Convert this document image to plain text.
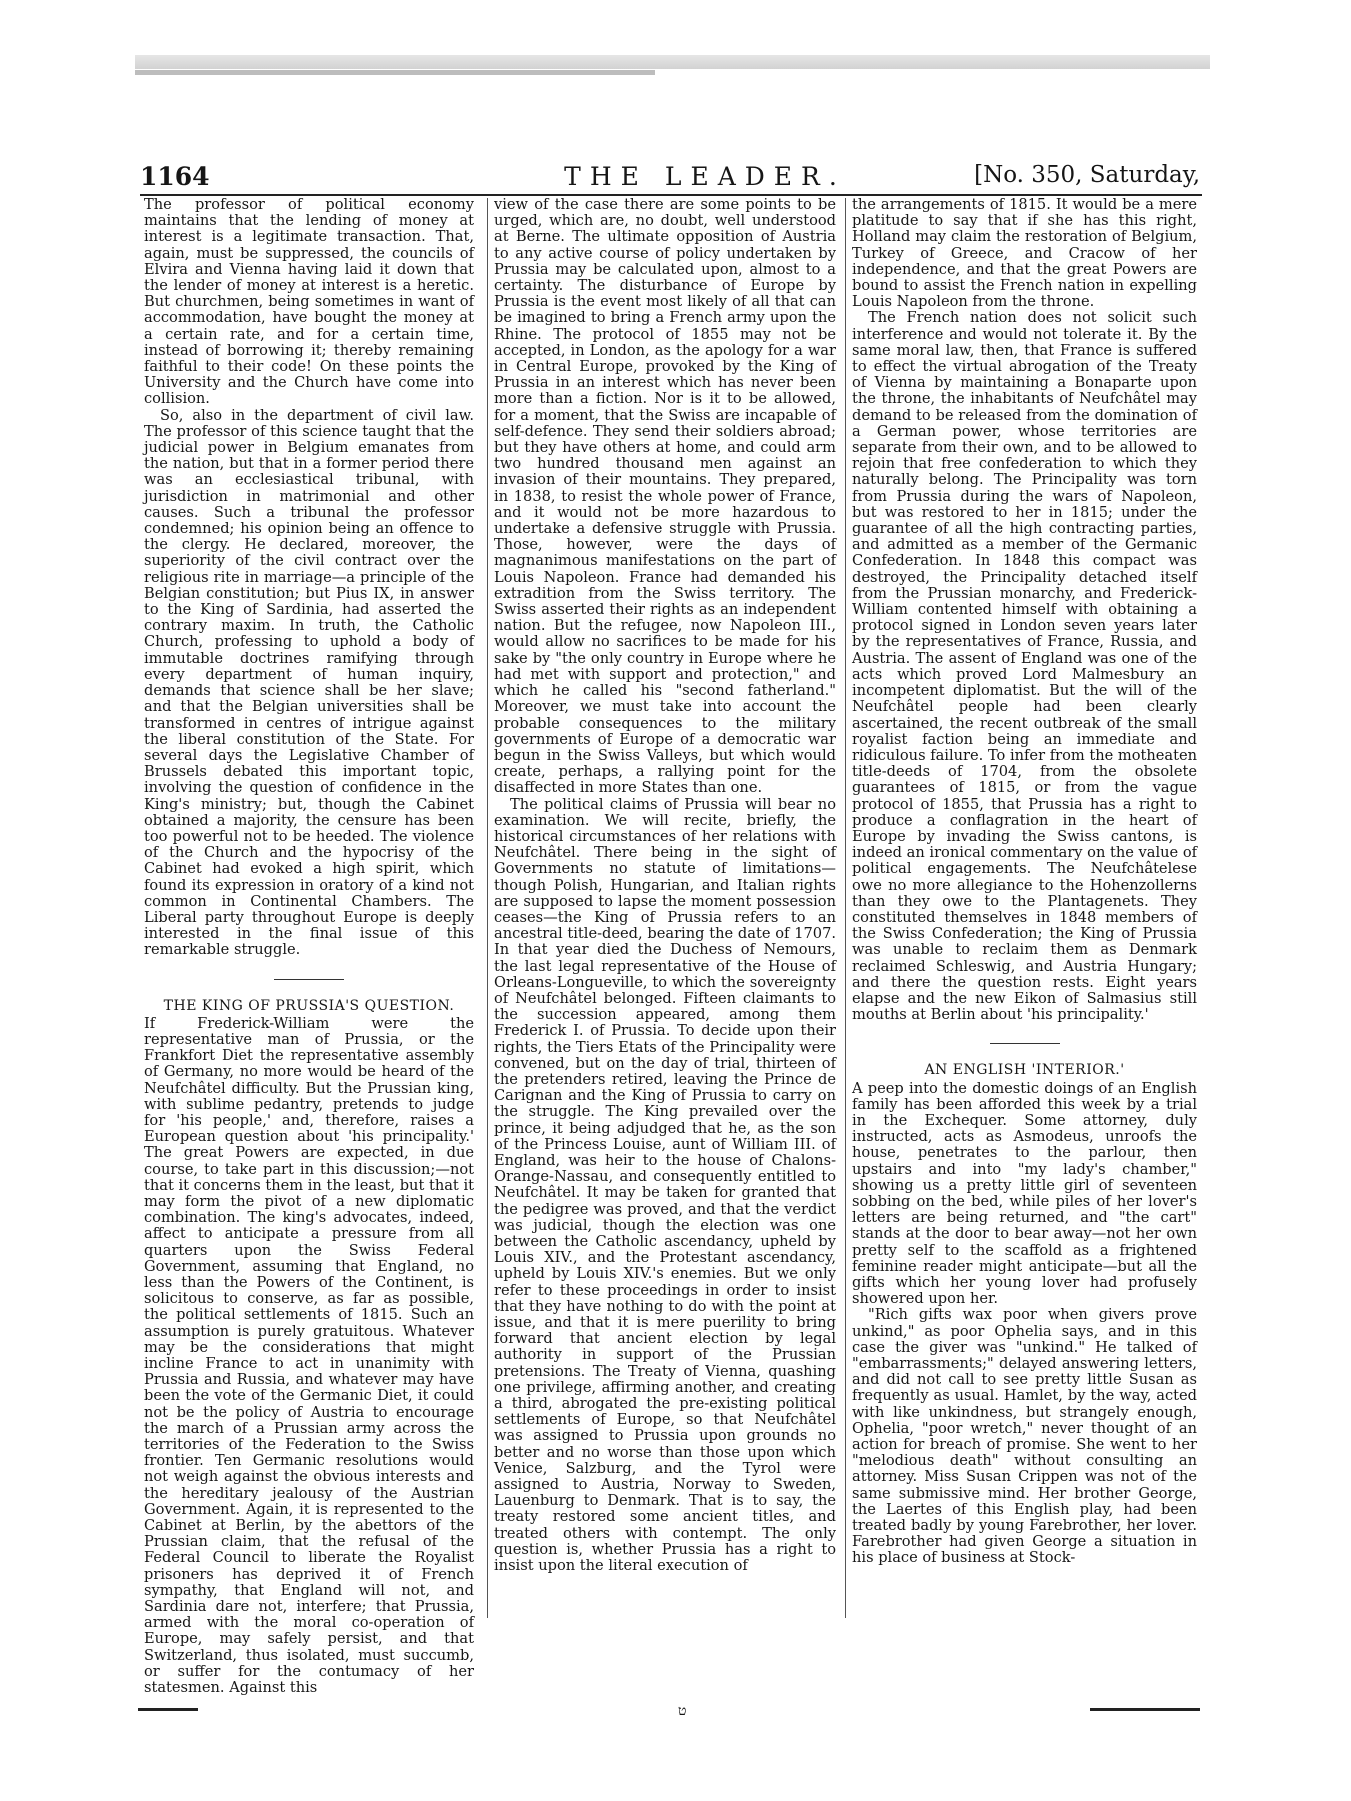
1164	THE LEADER.	[No. 350, Saturday,

The professor of political economy maintains that the lending of money at interest is a legitimate transaction. That, again, must be suppressed, the councils of Elvira and Vienna having laid it down that the lender of money at interest is a heretic. But churchmen, being sometimes in want of accommodation, have bought the money at a certain rate, and for a certain time, instead of borrowing it; thereby remaining faithful to their code! On these points the University and the Church have come into collision.

So, also in the department of civil law. The professor of this science taught that the judicial power in Belgium emanates from the nation, but that in a former period there was an ecclesiastical tribunal, with jurisdiction in matrimonial and other causes. Such a tribunal the professor condemned; his opinion being an offence to the clergy. He declared, moreover, the superiority of the civil contract over the religious rite in marriage—a principle of the Belgian constitution; but Pius IX, in answer to the King of Sardinia, had asserted the contrary maxim. In truth, the Catholic Church, professing to uphold a body of immutable doctrines ramifying through every department of human inquiry, demands that science shall be her slave; and that the Belgian universities shall be transformed in centres of intrigue against the liberal constitution of the State. For several days the Legislative Chamber of Brussels debated this important topic, involving the question of confidence in the King's ministry; but, though the Cabinet obtained a majority, the censure has been too powerful not to be heeded. The violence of the Church and the hypocrisy of the Cabinet had evoked a high spirit, which found its expression in oratory of a kind not common in Continental Chambers. The Liberal party throughout Europe is deeply interested in the final issue of this remarkable struggle.

THE KING OF PRUSSIA'S QUESTION.

If Frederick-William were the representative man of Prussia, or the Frankfort Diet the representative assembly of Germany, no more would be heard of the Neufchâtel difficulty. But the Prussian king, with sublime pedantry, pretends to judge for 'his people,' and, therefore, raises a European question about 'his principality.' The great Powers are expected, in due course, to take part in this discussion;—not that it concerns them in the least, but that it may form the pivot of a new diplomatic combination. The king's advocates, indeed, affect to anticipate a pressure from all quarters upon the Swiss Federal Government, assuming that England, no less than the Powers of the Continent, is solicitous to conserve, as far as possible, the political settlements of 1815. Such an assumption is purely gratuitous. Whatever may be the considerations that might incline France to act in unanimity with Prussia and Russia, and whatever may have been the vote of the Germanic Diet, it could not be the policy of Austria to encourage the march of a Prussian army across the territories of the Federation to the Swiss frontier. Ten Germanic resolutions would not weigh against the obvious interests and the hereditary jealousy of the Austrian Government. Again, it is represented to the Cabinet at Berlin, by the abettors of the Prussian claim, that the refusal of the Federal Council to liberate the Royalist prisoners has deprived it of French sympathy, that England will not, and Sardinia dare not, interfere; that Prussia, armed with the moral co-operation of Europe, may safely persist, and that Switzerland, thus isolated, must succumb, or suffer for the contumacy of her statesmen. Against this

view of the case there are some points to be urged, which are, no doubt, well understood at Berne. The ultimate opposition of Austria to any active course of policy undertaken by Prussia may be calculated upon, almost to a certainty. The disturbance of Europe by Prussia is the event most likely of all that can be imagined to bring a French army upon the Rhine. The protocol of 1855 may not be accepted, in London, as the apology for a war in Central Europe, provoked by the King of Prussia in an interest which has never been more than a fiction. Nor is it to be allowed, for a moment, that the Swiss are incapable of self-defence. They send their soldiers abroad; but they have others at home, and could arm two hundred thousand men against an invasion of their mountains. They prepared, in 1838, to resist the whole power of France, and it would not be more hazardous to undertake a defensive struggle with Prussia. Those, however, were the days of magnanimous manifestations on the part of Louis Napoleon. France had demanded his extradition from the Swiss territory. The Swiss asserted their rights as an independent nation. But the refugee, now Napoleon III., would allow no sacrifices to be made for his sake by "the only country in Europe where he had met with support and protection," and which he called his "second fatherland." Moreover, we must take into account the probable consequences to the military governments of Europe of a democratic war begun in the Swiss Valleys, but which would create, perhaps, a rallying point for the disaffected in more States than one.

The political claims of Prussia will bear no examination. We will recite, briefly, the historical circumstances of her relations with Neufchâtel. There being in the sight of Governments no statute of limitations—though Polish, Hungarian, and Italian rights are supposed to lapse the moment possession ceases—the King of Prussia refers to an ancestral title-deed, bearing the date of 1707. In that year died the Duchess of Nemours, the last legal representative of the House of Orleans-Longueville, to which the sovereignty of Neufchâtel belonged. Fifteen claimants to the succession appeared, among them Frederick I. of Prussia. To decide upon their rights, the Tiers Etats of the Principality were convened, but on the day of trial, thirteen of the pretenders retired, leaving the Prince de Carignan and the King of Prussia to carry on the struggle. The King prevailed over the prince, it being adjudged that he, as the son of the Princess Louise, aunt of William III. of England, was heir to the house of Chalons-Orange-Nassau, and consequently entitled to Neufchâtel. It may be taken for granted that the pedigree was proved, and that the verdict was judicial, though the election was one between the Catholic ascendancy, upheld by Louis XIV., and the Protestant ascendancy, upheld by Louis XIV.'s enemies. But we only refer to these proceedings in order to insist that they have nothing to do with the point at issue, and that it is mere puerility to bring forward that ancient election by legal authority in support of the Prussian pretensions. The Treaty of Vienna, quashing one privilege, affirming another, and creating a third, abrogated the pre-existing political settlements of Europe, so that Neufchâtel was assigned to Prussia upon grounds no better and no worse than those upon which Venice, Salzburg, and the Tyrol were assigned to Austria, Norway to Sweden, Lauenburg to Denmark. That is to say, the treaty restored some ancient titles, and treated others with contempt. The only question is, whether Prussia has a right to insist upon the literal execution of

the arrangements of 1815. It would be a mere platitude to say that if she has this right, Holland may claim the restoration of Belgium, Turkey of Greece, and Cracow of her independence, and that the great Powers are bound to assist the French nation in expelling Louis Napoleon from the throne.

The French nation does not solicit such interference and would not tolerate it. By the same moral law, then, that France is suffered to effect the virtual abrogation of the Treaty of Vienna by maintaining a Bonaparte upon the throne, the inhabitants of Neufchâtel may demand to be released from the domination of a German power, whose territories are separate from their own, and to be allowed to rejoin that free confederation to which they naturally belong. The Principality was torn from Prussia during the wars of Napoleon, but was restored to her in 1815; under the guarantee of all the high contracting parties, and admitted as a member of the Germanic Confederation. In 1848 this compact was destroyed, the Principality detached itself from the Prussian monarchy, and Frederick-William contented himself with obtaining a protocol signed in London seven years later by the representatives of France, Russia, and Austria. The assent of England was one of the acts which proved Lord Malmesbury an incompetent diplomatist. But the will of the Neufchâtel people had been clearly ascertained, the recent outbreak of the small royalist faction being an immediate and ridiculous failure. To infer from the motheaten title-deeds of 1704, from the obsolete guarantees of 1815, or from the vague protocol of 1855, that Prussia has a right to produce a conflagration in the heart of Europe by invading the Swiss cantons, is indeed an ironical commentary on the value of political engagements. The Neufchâtelese owe no more allegiance to the Hohenzollerns than they owe to the Plantagenets. They constituted themselves in 1848 members of the Swiss Confederation; the King of Prussia was unable to reclaim them as Denmark reclaimed Schleswig, and Austria Hungary; and there the question rests. Eight years elapse and the new Eikon of Salmasius still mouths at Berlin about 'his principality.'

AN ENGLISH 'INTERIOR.'

A peep into the domestic doings of an English family has been afforded this week by a trial in the Exchequer. Some attorney, duly instructed, acts as Asmodeus, unroofs the house, penetrates to the parlour, then upstairs and into "my lady's chamber," showing us a pretty little girl of seventeen sobbing on the bed, while piles of her lover's letters are being returned, and "the cart" stands at the door to bear away—not her own pretty self to the scaffold as a frightened feminine reader might anticipate—but all the gifts which her young lover had profusely showered upon her.

"Rich gifts wax poor when givers prove unkind," as poor Ophelia says, and in this case the giver was "unkind." He talked of "embarrassments;" delayed answering letters, and did not call to see pretty little Susan as frequently as usual. Hamlet, by the way, acted with like unkindness, but strangely enough, Ophelia, "poor wretch," never thought of an action for breach of promise. She went to her "melodious death" without consulting an attorney. Miss Susan Crippen was not of the same submissive mind. Her brother George, the Laertes of this English play, had been treated badly by young Farebrother, her lover. Farebrother had given George a situation in his place of business at Stock-

ט
